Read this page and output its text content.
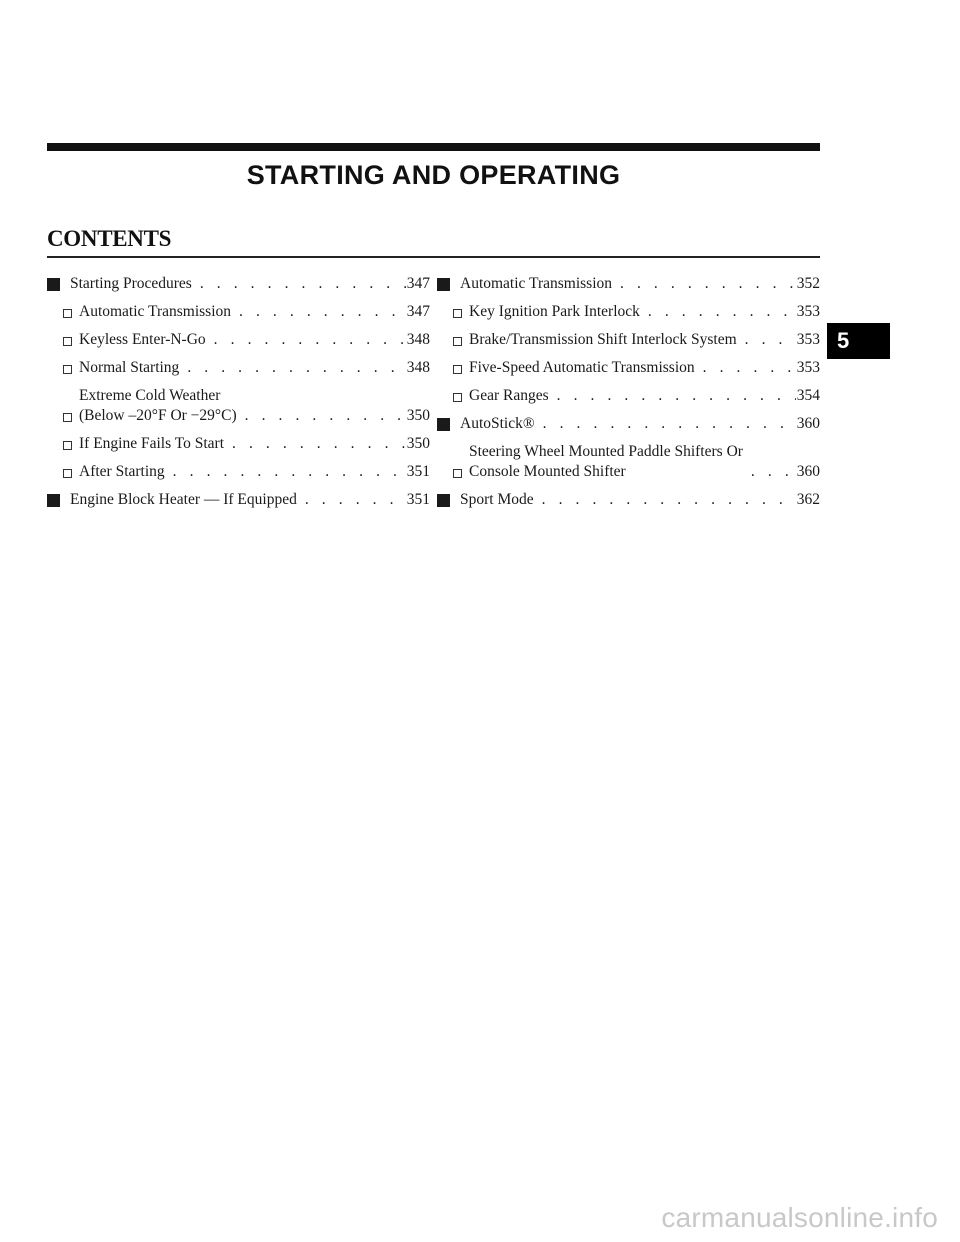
STARTING AND OPERATING
CONTENTS
Starting Procedures . . .	347
Automatic Transmission . . .	347
Keyless Enter-N-Go . . .	348
Normal Starting . . .	348
Extreme Cold Weather
(Below –20°F Or −29°C) . . .	350
If Engine Fails To Start . . .	350
After Starting . . .	351
Engine Block Heater — If Equipped . . .	351
Automatic Transmission . . .	352
Key Ignition Park Interlock . . .	353
Brake/Transmission Shift Interlock System . . .	353
Five-Speed Automatic Transmission . . .	353
Gear Ranges . . .	354
AutoStick® . . .	360
Steering Wheel Mounted Paddle Shifters Or
Console Mounted Shifter . . .	360
Sport Mode . . .	362
5
carmanualsonline.info
